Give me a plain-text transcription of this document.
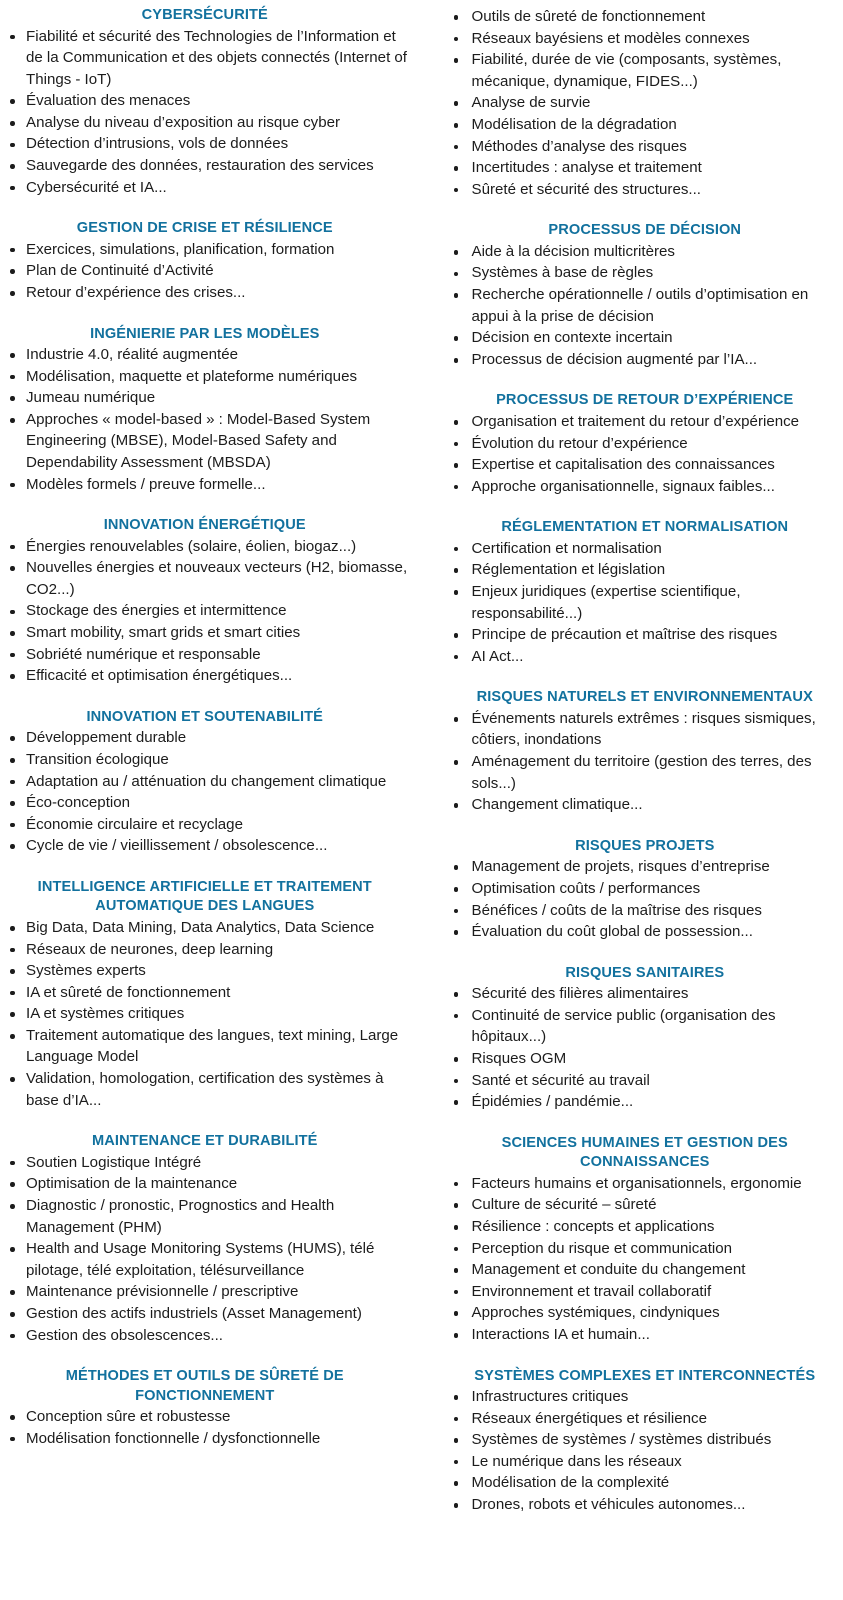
CYBERSÉCURITÉ
Fiabilité et sécurité des Technologies de l’Information et de la Communication et des objets connectés (Internet of Things - IoT)
Évaluation des menaces
Analyse du niveau d’exposition au risque cyber
Détection d’intrusions, vols de données
Sauvegarde des données, restauration des services
Cybersécurité et IA...
GESTION DE CRISE ET RÉSILIENCE
Exercices, simulations, planification, formation
Plan de Continuité d’Activité
Retour d’expérience des crises...
INGÉNIERIE PAR LES MODÈLES
Industrie 4.0, réalité augmentée
Modélisation, maquette et plateforme numériques
Jumeau numérique
Approches « model-based » : Model-Based System Engineering (MBSE), Model-Based Safety and Dependability Assessment (MBSDA)
Modèles formels / preuve formelle...
INNOVATION ÉNERGÉTIQUE
Énergies renouvelables (solaire, éolien, biogaz...)
Nouvelles énergies et nouveaux vecteurs (H2, biomasse, CO2...)
Stockage des énergies et intermittence
Smart mobility, smart grids et smart cities
Sobriété numérique et responsable
Efficacité et optimisation énergétiques...
INNOVATION ET SOUTENABILITÉ
Développement durable
Transition écologique
Adaptation au / atténuation du changement climatique
Éco-conception
Économie circulaire et recyclage
Cycle de vie / vieillissement / obsolescence...
INTELLIGENCE ARTIFICIELLE ET TRAITEMENT AUTOMATIQUE DES LANGUES
Big Data, Data Mining, Data Analytics, Data Science
Réseaux de neurones, deep learning
Systèmes experts
IA et sûreté de fonctionnement
IA et systèmes critiques
Traitement automatique des langues, text mining, Large Language Model
Validation, homologation, certification des systèmes à base d’IA...
MAINTENANCE ET DURABILITÉ
Soutien Logistique Intégré
Optimisation de la maintenance
Diagnostic / pronostic, Prognostics and Health Management (PHM)
Health and Usage Monitoring Systems (HUMS), télé pilotage, télé exploitation, télésurveillance
Maintenance prévisionnelle / prescriptive
Gestion des actifs industriels (Asset Management)
Gestion des obsolescences...
MÉTHODES ET OUTILS DE SÛRETÉ DE FONCTIONNEMENT
Conception sûre et robustesse
Modélisation fonctionnelle / dysfonctionnelle
Outils de sûreté de fonctionnement
Réseaux bayésiens et modèles connexes
Fiabilité, durée de vie (composants, systèmes, mécanique, dynamique, FIDES...)
Analyse de survie
Modélisation de la dégradation
Méthodes d’analyse des risques
Incertitudes : analyse et traitement
Sûreté et sécurité des structures...
PROCESSUS DE DÉCISION
Aide à la décision multicritères
Systèmes à base de règles
Recherche opérationnelle / outils d’optimisation en appui à la prise de décision
Décision en contexte incertain
Processus de décision augmenté par l’IA...
PROCESSUS DE RETOUR D’EXPÉRIENCE
Organisation et traitement du retour d’expérience
Évolution du retour d’expérience
Expertise et capitalisation des connaissances
Approche organisationnelle, signaux faibles...
RÉGLEMENTATION ET NORMALISATION
Certification et normalisation
Réglementation et législation
Enjeux juridiques (expertise scientifique, responsabilité...)
Principe de précaution et maîtrise des risques
AI Act...
RISQUES NATURELS ET ENVIRONNEMENTAUX
Événements naturels extrêmes : risques sismiques, côtiers, inondations
Aménagement du territoire (gestion des terres, des sols...)
Changement climatique...
RISQUES PROJETS
Management de projets, risques d’entreprise
Optimisation coûts / performances
Bénéfices / coûts de la maîtrise des risques
Évaluation du coût global de possession...
RISQUES SANITAIRES
Sécurité des filières alimentaires
Continuité de service public (organisation des hôpitaux...)
Risques OGM
Santé et sécurité au travail
Épidémies / pandémie...
SCIENCES HUMAINES ET GESTION DES CONNAISSANCES
Facteurs humains et organisationnels, ergonomie
Culture de sécurité – sûreté
Résilience : concepts et applications
Perception du risque et communication
Management et conduite du changement
Environnement et travail collaboratif
Approches systémiques, cindyniques
Interactions IA et humain...
SYSTÈMES COMPLEXES ET INTERCONNECTÉS
Infrastructures critiques
Réseaux énergétiques et résilience
Systèmes de systèmes / systèmes distribués
Le numérique dans les réseaux
Modélisation de la complexité
Drones, robots et véhicules autonomes...
